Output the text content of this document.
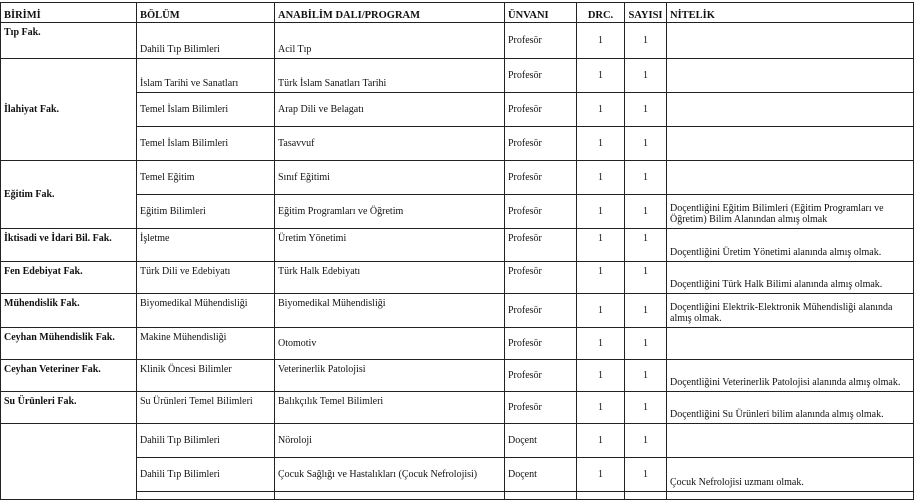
BİRİMİ	BÖLÜM	ANABİLİM DALI/PROGRAM	ÜNVANI	DRC.	SAYISI	NİTELİK
Tıp Fak.	Dahili Tıp Bilimleri	Acil Tıp	Profesör	1	1	
İlahiyat Fak.	İslam Tarihi ve Sanatları	Türk İslam Sanatları Tarihi	Profesör	1	1	
	Temel İslam Bilimleri	Arap Dili ve Belagatı	Profesör	1	1	
	Temel İslam Bilimleri	Tasavvuf	Profesör	1	1	
Eğitim Fak.	Temel Eğitim	Sınıf Eğitimi	Profesör	1	1	
	Eğitim Bilimleri	Eğitim Programları ve Öğretim	Profesör	1	1	Doçentliğini Eğitim Bilimleri (Eğitim Programları ve Öğretim) Bilim Alanından almış olmak
İktisadi ve İdari Bil. Fak.	İşletme	Üretim Yönetimi	Profesör	1	1	Doçentliğini Üretim Yönetimi alanında almış olmak.
Fen Edebiyat Fak.	Türk Dili ve Edebiyatı	Türk Halk Edebiyatı	Profesör	1	1	Doçentliğini Türk Halk Bilimi alanında almış olmak.
Mühendislik Fak.	Biyomedikal Mühendisliği	Biyomedikal Mühendisliği	Profesör	1	1	Doçentliğini Elektrik-Elektronik Mühendisliği alanında almış olmak.
Ceyhan Mühendislik Fak.	Makine Mühendisliği	Otomotiv	Profesör	1	1	
Ceyhan Veteriner Fak.	Klinik Öncesi Bilimler	Veterinerlik Patolojisi	Profesör	1	1	Doçentliğini Veterinerlik Patolojisi alanında almış olmak.
Su Ürünleri Fak.	Su Ürünleri Temel Bilimleri	Balıkçılık Temel Bilimleri	Profesör	1	1	Doçentliğini Su Ürünleri bilim alanında almış olmak.
	Dahili Tıp Bilimleri	Nöroloji	Doçent	1	1	
	Dahili Tıp Bilimleri	Çocuk Sağlığı ve Hastalıkları (Çocuk Nefrolojisi)	Doçent	1	1	Çocuk Nefrolojisi uzmanı olmak.
